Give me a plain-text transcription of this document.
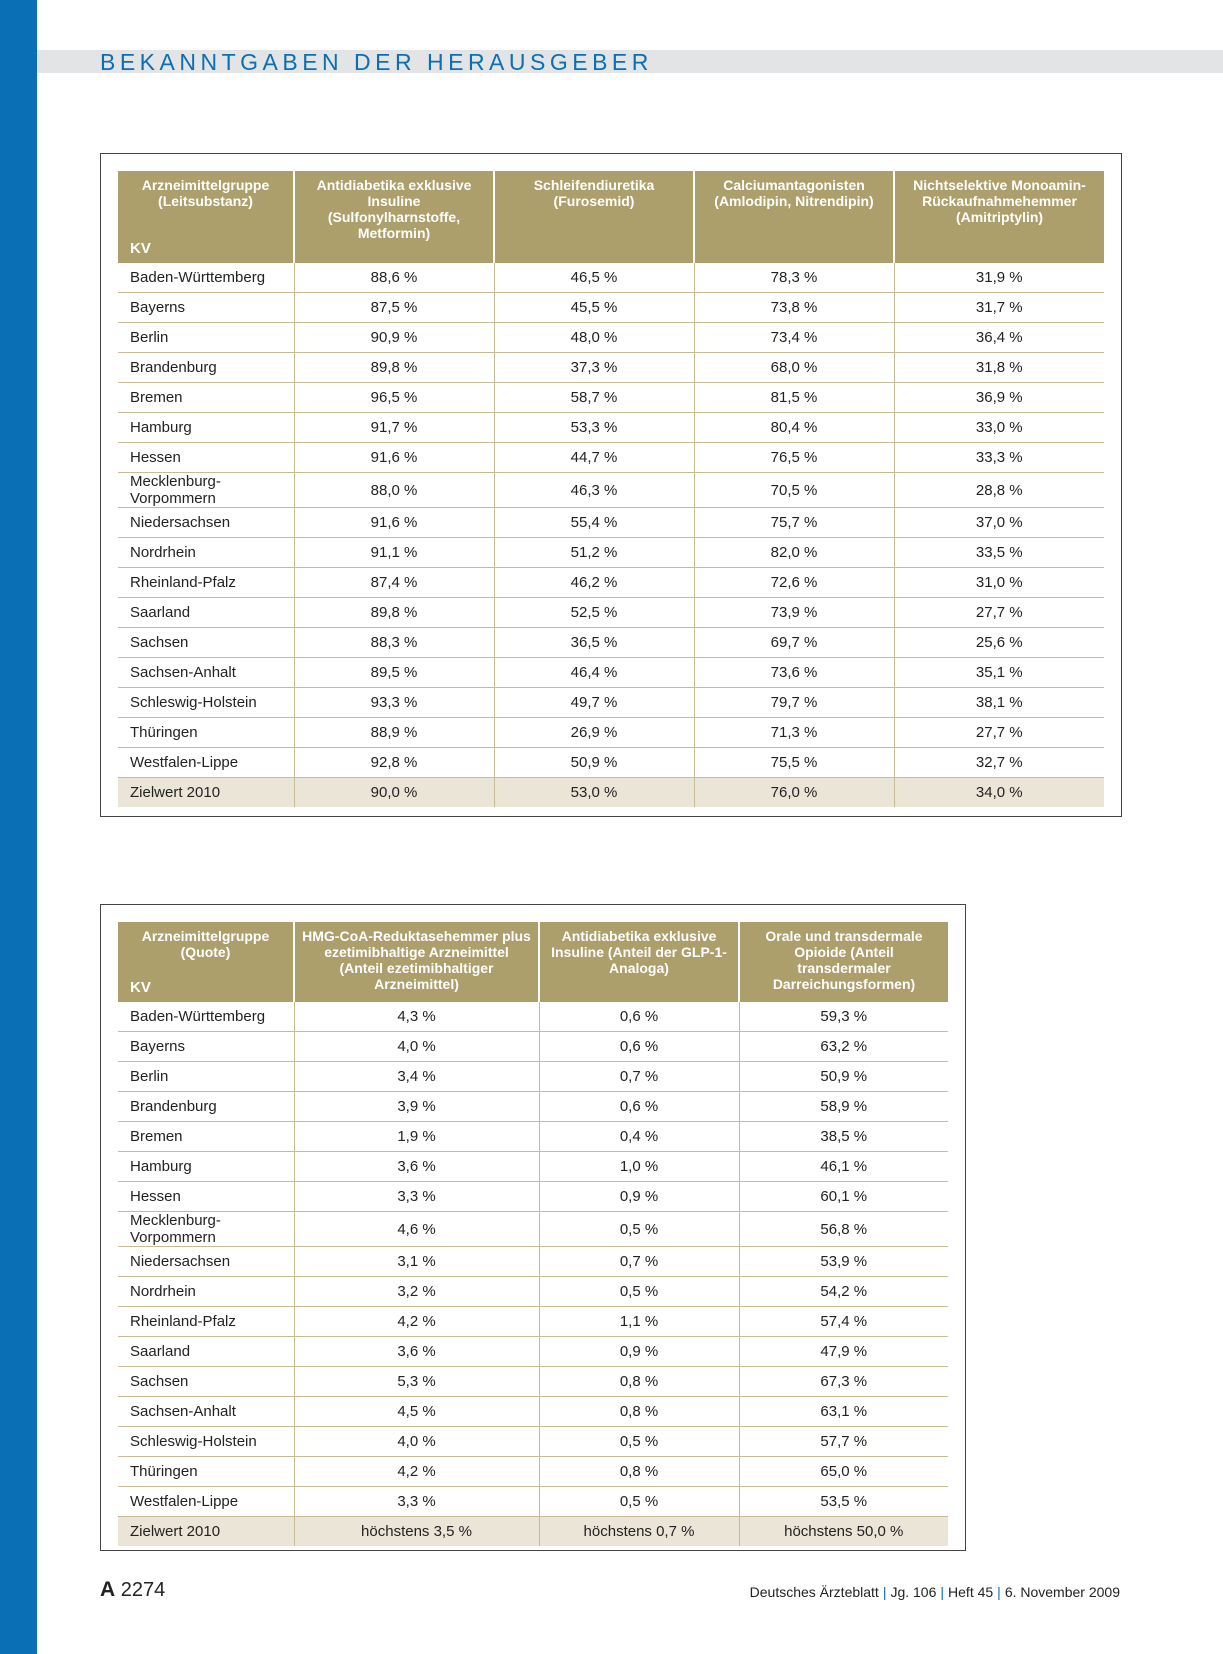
BEKANNTGABEN DER HERAUSGEBER
Arzneimittelgruppe (Leitsubstanz)
KV	Antidiabetika exklusive Insuline (Sulfonylharnstoffe, Metformin)	Schleifendiuretika (Furosemid)	Calciumantagonisten (Amlodipin, Nitrendipin)	Nichtselektive Monoamin-Rückaufnahmehemmer (Amitriptylin)
Baden-Württemberg	88,6 %	46,5 %	78,3 %	31,9 %
Bayerns	87,5 %	45,5 %	73,8 %	31,7 %
Berlin	90,9 %	48,0 %	73,4 %	36,4 %
Brandenburg	89,8 %	37,3 %	68,0 %	31,8 %
Bremen	96,5 %	58,7 %	81,5 %	36,9 %
Hamburg	91,7 %	53,3 %	80,4 %	33,0 %
Hessen	91,6 %	44,7 %	76,5 %	33,3 %
Mecklenburg-Vorpommern	88,0 %	46,3 %	70,5 %	28,8 %
Niedersachsen	91,6 %	55,4 %	75,7 %	37,0 %
Nordrhein	91,1 %	51,2 %	82,0 %	33,5 %
Rheinland-Pfalz	87,4 %	46,2 %	72,6 %	31,0 %
Saarland	89,8 %	52,5 %	73,9 %	27,7 %
Sachsen	88,3 %	36,5 %	69,7 %	25,6 %
Sachsen-Anhalt	89,5 %	46,4 %	73,6 %	35,1 %
Schleswig-Holstein	93,3 %	49,7 %	79,7 %	38,1 %
Thüringen	88,9 %	26,9 %	71,3 %	27,7 %
Westfalen-Lippe	92,8 %	50,9 %	75,5 %	32,7 %
Zielwert 2010	90,0 %	53,0 %	76,0 %	34,0 %
Arzneimittelgruppe (Quote)
KV	HMG-CoA-Reduktasehemmer plus ezetimibhaltige Arzneimittel (Anteil ezetimibhaltiger Arzneimittel)	Antidiabetika exklusive Insuline (Anteil der GLP-1-Analoga)	Orale und transdermale Opioide (Anteil transdermaler Darreichungsformen)
Baden-Württemberg	4,3 %	0,6 %	59,3 %
Bayerns	4,0 %	0,6 %	63,2 %
Berlin	3,4 %	0,7 %	50,9 %
Brandenburg	3,9 %	0,6 %	58,9 %
Bremen	1,9 %	0,4 %	38,5 %
Hamburg	3,6 %	1,0 %	46,1 %
Hessen	3,3 %	0,9 %	60,1 %
Mecklenburg-Vorpommern	4,6 %	0,5 %	56,8 %
Niedersachsen	3,1 %	0,7 %	53,9 %
Nordrhein	3,2 %	0,5 %	54,2 %
Rheinland-Pfalz	4,2 %	1,1 %	57,4 %
Saarland	3,6 %	0,9 %	47,9 %
Sachsen	5,3 %	0,8 %	67,3 %
Sachsen-Anhalt	4,5 %	0,8 %	63,1 %
Schleswig-Holstein	4,0 %	0,5 %	57,7 %
Thüringen	4,2 %	0,8 %	65,0 %
Westfalen-Lippe	3,3 %	0,5 %	53,5 %
Zielwert 2010	höchstens 3,5 %	höchstens 0,7 %	höchstens 50,0 %
A 2274	Deutsches Ärzteblatt | Jg. 106 | Heft 45 | 6. November 2009
